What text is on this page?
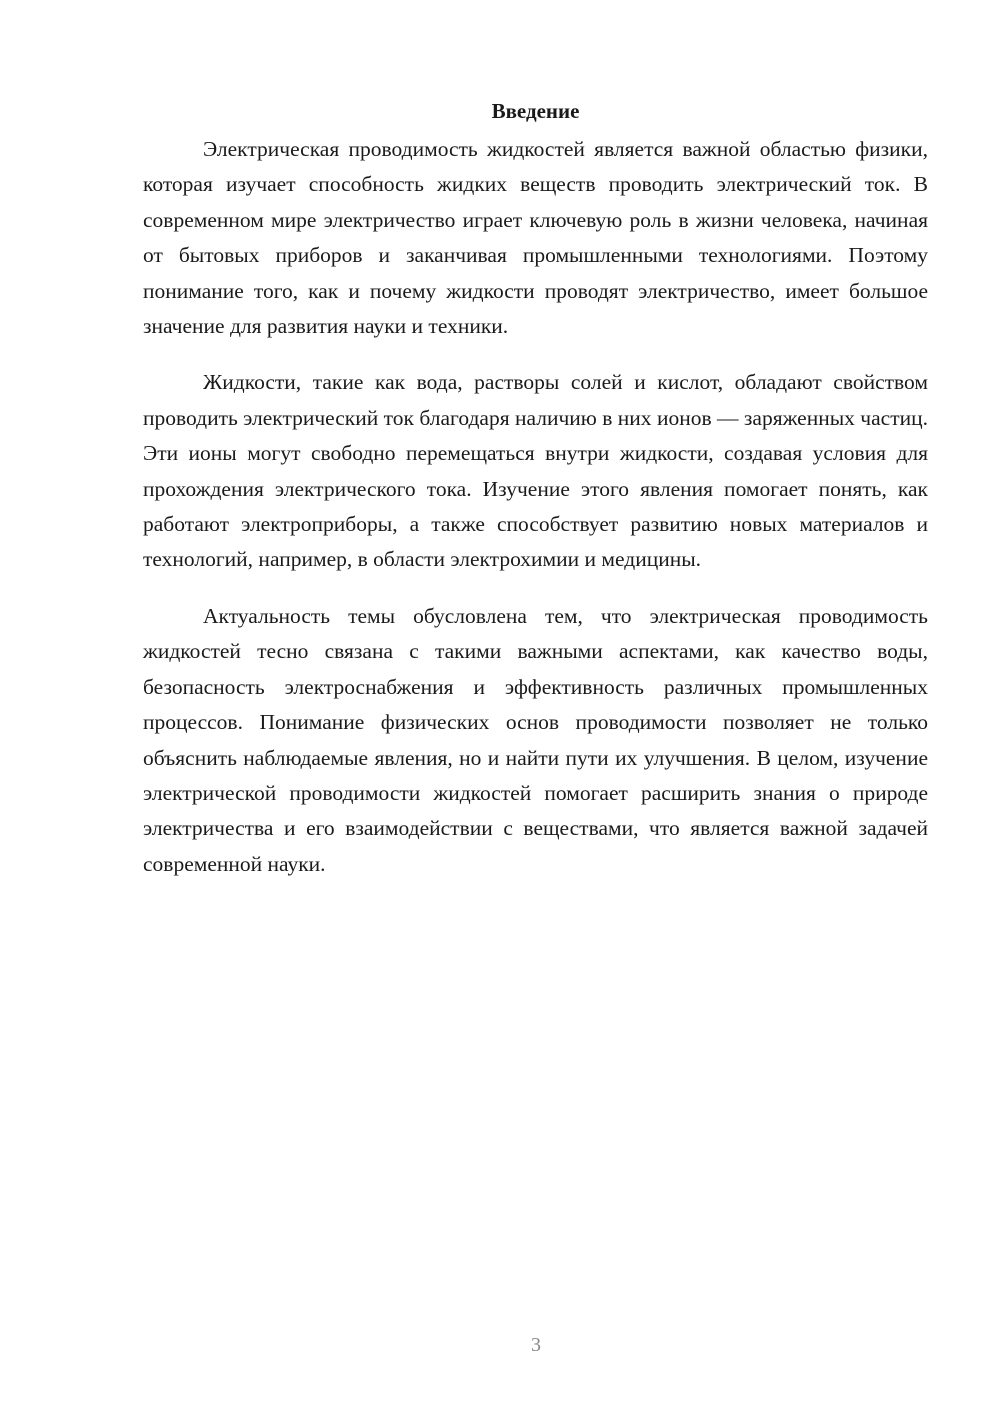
Введение

Электрическая проводимость жидкостей является важной областью физики, которая изучает способность жидких веществ проводить электрический ток. В современном мире электричество играет ключевую роль в жизни человека, начиная от бытовых приборов и заканчивая промышленными технологиями. Поэтому понимание того, как и почему жидкости проводят электричество, имеет большое значение для развития науки и техники.

Жидкости, такие как вода, растворы солей и кислот, обладают свойством проводить электрический ток благодаря наличию в них ионов — заряженных частиц. Эти ионы могут свободно перемещаться внутри жидкости, создавая условия для прохождения электрического тока. Изучение этого явления помогает понять, как работают электроприборы, а также способствует развитию новых материалов и технологий, например, в области электрохимии и медицины.

Актуальность темы обусловлена тем, что электрическая проводимость жидкостей тесно связана с такими важными аспектами, как качество воды, безопасность электроснабжения и эффективность различных промышленных процессов. Понимание физических основ проводимости позволяет не только объяснить наблюдаемые явления, но и найти пути их улучшения. В целом, изучение электрической проводимости жидкостей помогает расширить знания о природе электричества и его взаимодействии с веществами, что является важной задачей современной науки.

3
